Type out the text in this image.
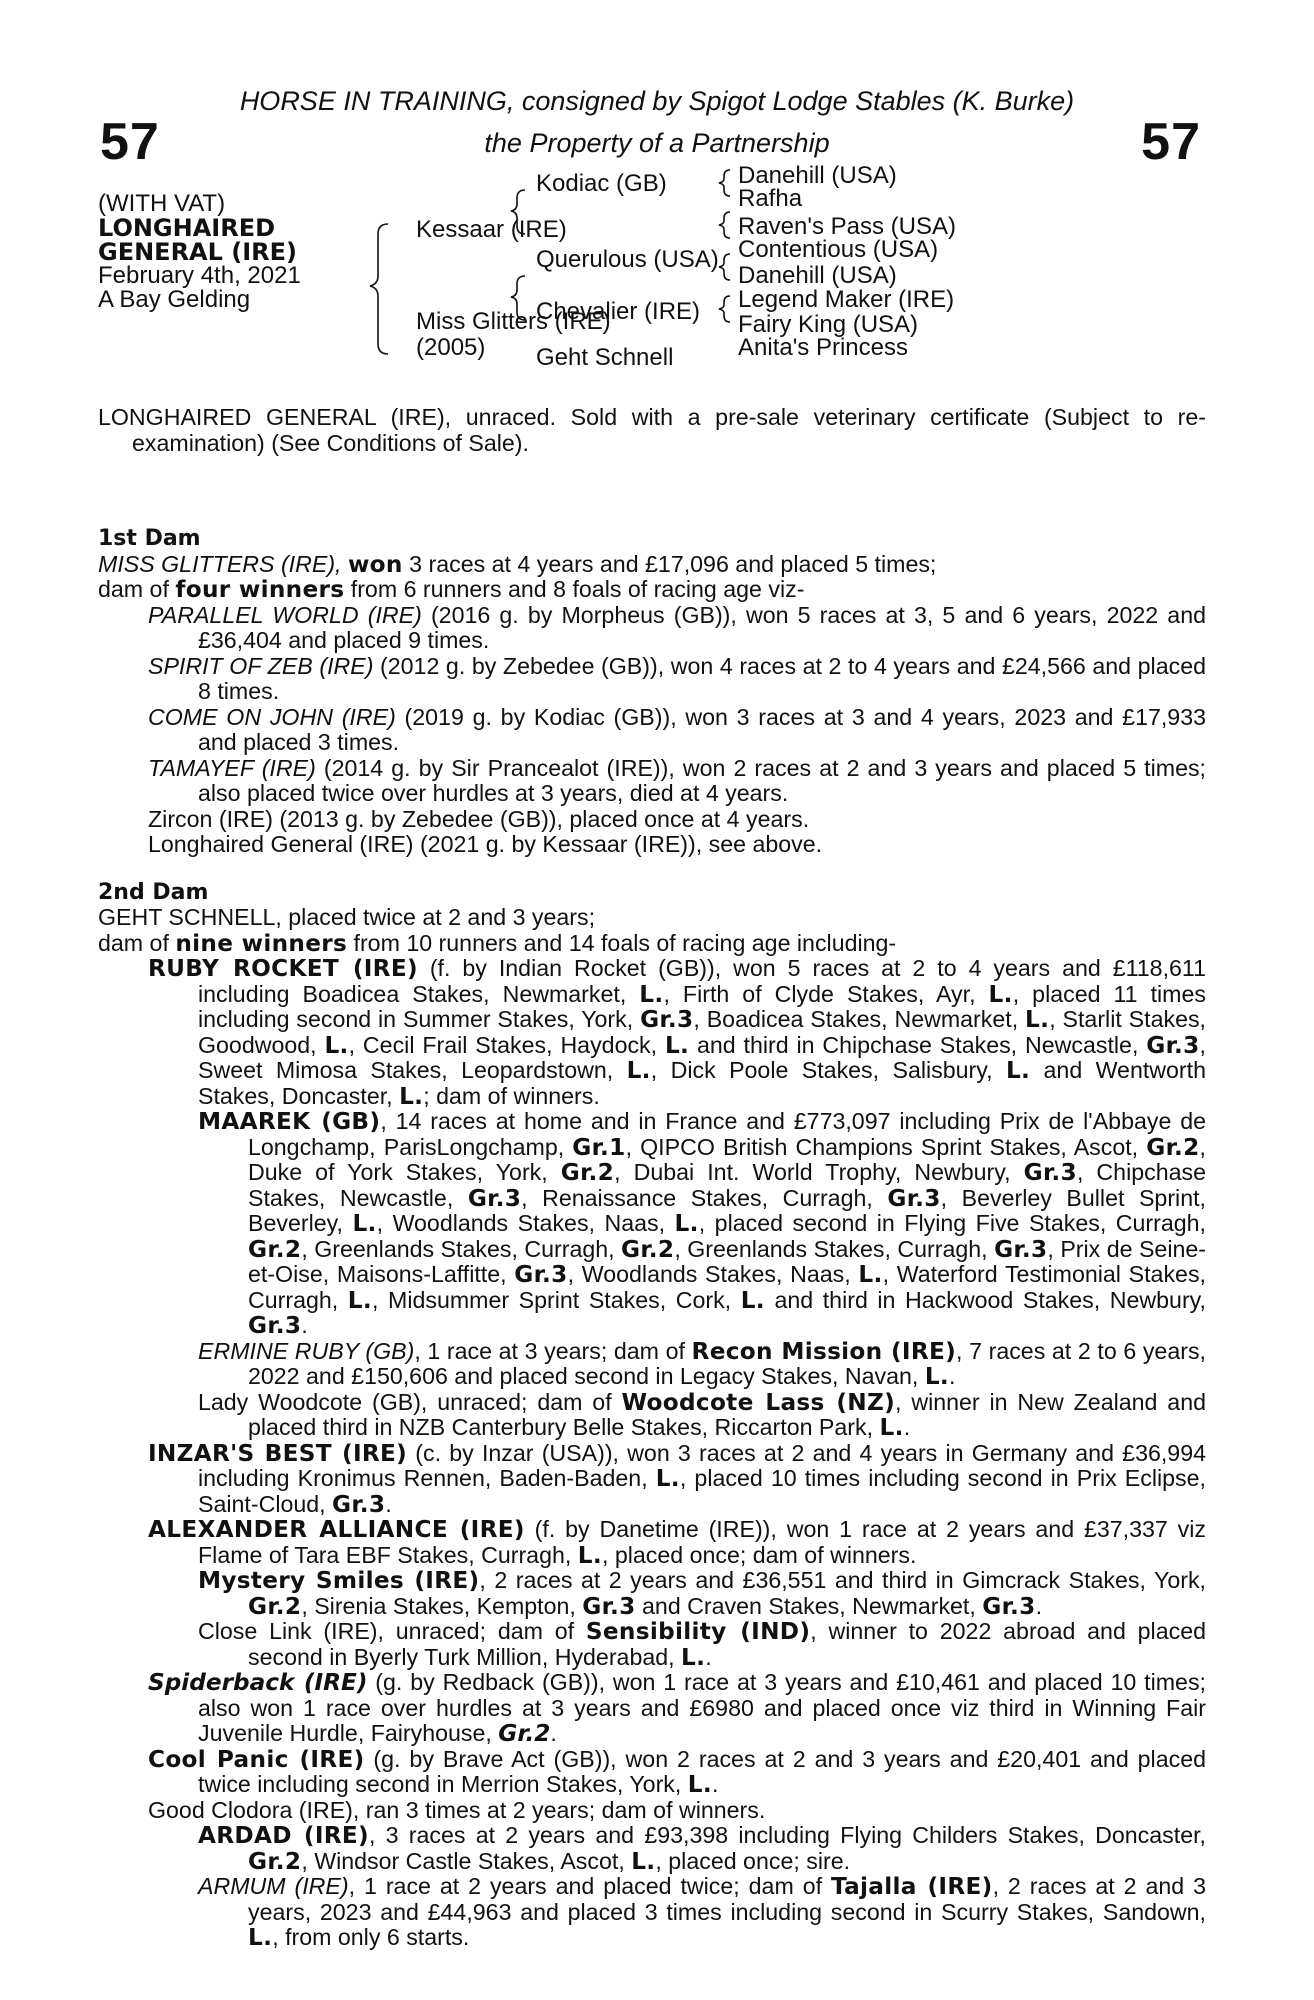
57	57
HORSE IN TRAINING, consigned by Spigot Lodge Stables (K. Burke)
the Property of a Partnership
(WITH VAT)
LONGHAIRED
GENERAL (IRE)
February 4th, 2021
A Bay Gelding
Kessaar (IRE)
Miss Glitters (IRE)
(2005)
Kodiac (GB)
Querulous (USA)
Chevalier (IRE)
Geht Schnell
Danehill (USA)
Rafha
Raven's Pass (USA)
Contentious (USA)
Danehill (USA)
Legend Maker (IRE)
Fairy King (USA)
Anita's Princess
LONGHAIRED GENERAL (IRE), unraced. Sold with a pre-sale veterinary certificate (Subject to re- examination) (See Conditions of Sale).
1st Dam
MISS GLITTERS (IRE), won 3 races at 4 years and £17,096 and placed 5 times;
dam of four winners from 6 runners and 8 foals of racing age viz-
PARALLEL WORLD (IRE) (2016 g. by Morpheus (GB)), won 5 races at 3, 5 and 6 years, 2022 and £36,404 and placed 9 times.
SPIRIT OF ZEB (IRE) (2012 g. by Zebedee (GB)), won 4 races at 2 to 4 years and £24,566 and placed 8 times.
COME ON JOHN (IRE) (2019 g. by Kodiac (GB)), won 3 races at 3 and 4 years, 2023 and £17,933 and placed 3 times.
TAMAYEF (IRE) (2014 g. by Sir Prancealot (IRE)), won 2 races at 2 and 3 years and placed 5 times; also placed twice over hurdles at 3 years, died at 4 years.
Zircon (IRE) (2013 g. by Zebedee (GB)), placed once at 4 years.
Longhaired General (IRE) (2021 g. by Kessaar (IRE)), see above.
2nd Dam
GEHT SCHNELL, placed twice at 2 and 3 years;
dam of nine winners from 10 runners and 14 foals of racing age including-
RUBY ROCKET (IRE) (f. by Indian Rocket (GB)), won 5 races at 2 to 4 years and £118,611 including Boadicea Stakes, Newmarket, L., Firth of Clyde Stakes, Ayr, L., placed 11 times including second in Summer Stakes, York, Gr.3, Boadicea Stakes, Newmarket, L., Starlit Stakes, Goodwood, L., Cecil Frail Stakes, Haydock, L. and third in Chipchase Stakes, Newcastle, Gr.3, Sweet Mimosa Stakes, Leopardstown, L., Dick Poole Stakes, Salisbury, L. and Wentworth Stakes, Doncaster, L.; dam of winners.
MAAREK (GB), 14 races at home and in France and £773,097 including Prix de l'Abbaye de Longchamp, ParisLongchamp, Gr.1, QIPCO British Champions Sprint Stakes, Ascot, Gr.2, Duke of York Stakes, York, Gr.2, Dubai Int. World Trophy, Newbury, Gr.3, Chipchase Stakes, Newcastle, Gr.3, Renaissance Stakes, Curragh, Gr.3, Beverley Bullet Sprint, Beverley, L., Woodlands Stakes, Naas, L., placed second in Flying Five Stakes, Curragh, Gr.2, Greenlands Stakes, Curragh, Gr.2, Greenlands Stakes, Curragh, Gr.3, Prix de Seine-et-Oise, Maisons-Laffitte, Gr.3, Woodlands Stakes, Naas, L., Waterford Testimonial Stakes, Curragh, L., Midsummer Sprint Stakes, Cork, L. and third in Hackwood Stakes, Newbury, Gr.3.
ERMINE RUBY (GB), 1 race at 3 years; dam of Recon Mission (IRE), 7 races at 2 to 6 years, 2022 and £150,606 and placed second in Legacy Stakes, Navan, L..
Lady Woodcote (GB), unraced; dam of Woodcote Lass (NZ), winner in New Zealand and placed third in NZB Canterbury Belle Stakes, Riccarton Park, L..
INZAR'S BEST (IRE) (c. by Inzar (USA)), won 3 races at 2 and 4 years in Germany and £36,994 including Kronimus Rennen, Baden-Baden, L., placed 10 times including second in Prix Eclipse, Saint-Cloud, Gr.3.
ALEXANDER ALLIANCE (IRE) (f. by Danetime (IRE)), won 1 race at 2 years and £37,337 viz Flame of Tara EBF Stakes, Curragh, L., placed once; dam of winners.
Mystery Smiles (IRE), 2 races at 2 years and £36,551 and third in Gimcrack Stakes, York, Gr.2, Sirenia Stakes, Kempton, Gr.3 and Craven Stakes, Newmarket, Gr.3.
Close Link (IRE), unraced; dam of Sensibility (IND), winner to 2022 abroad and placed second in Byerly Turk Million, Hyderabad, L..
Spiderback (IRE) (g. by Redback (GB)), won 1 race at 3 years and £10,461 and placed 10 times; also won 1 race over hurdles at 3 years and £6980 and placed once viz third in Winning Fair Juvenile Hurdle, Fairyhouse, Gr.2.
Cool Panic (IRE) (g. by Brave Act (GB)), won 2 races at 2 and 3 years and £20,401 and placed twice including second in Merrion Stakes, York, L..
Good Clodora (IRE), ran 3 times at 2 years; dam of winners.
ARDAD (IRE), 3 races at 2 years and £93,398 including Flying Childers Stakes, Doncaster, Gr.2, Windsor Castle Stakes, Ascot, L., placed once; sire.
ARMUM (IRE), 1 race at 2 years and placed twice; dam of Tajalla (IRE), 2 races at 2 and 3 years, 2023 and £44,963 and placed 3 times including second in Scurry Stakes, Sandown, L., from only 6 starts.
